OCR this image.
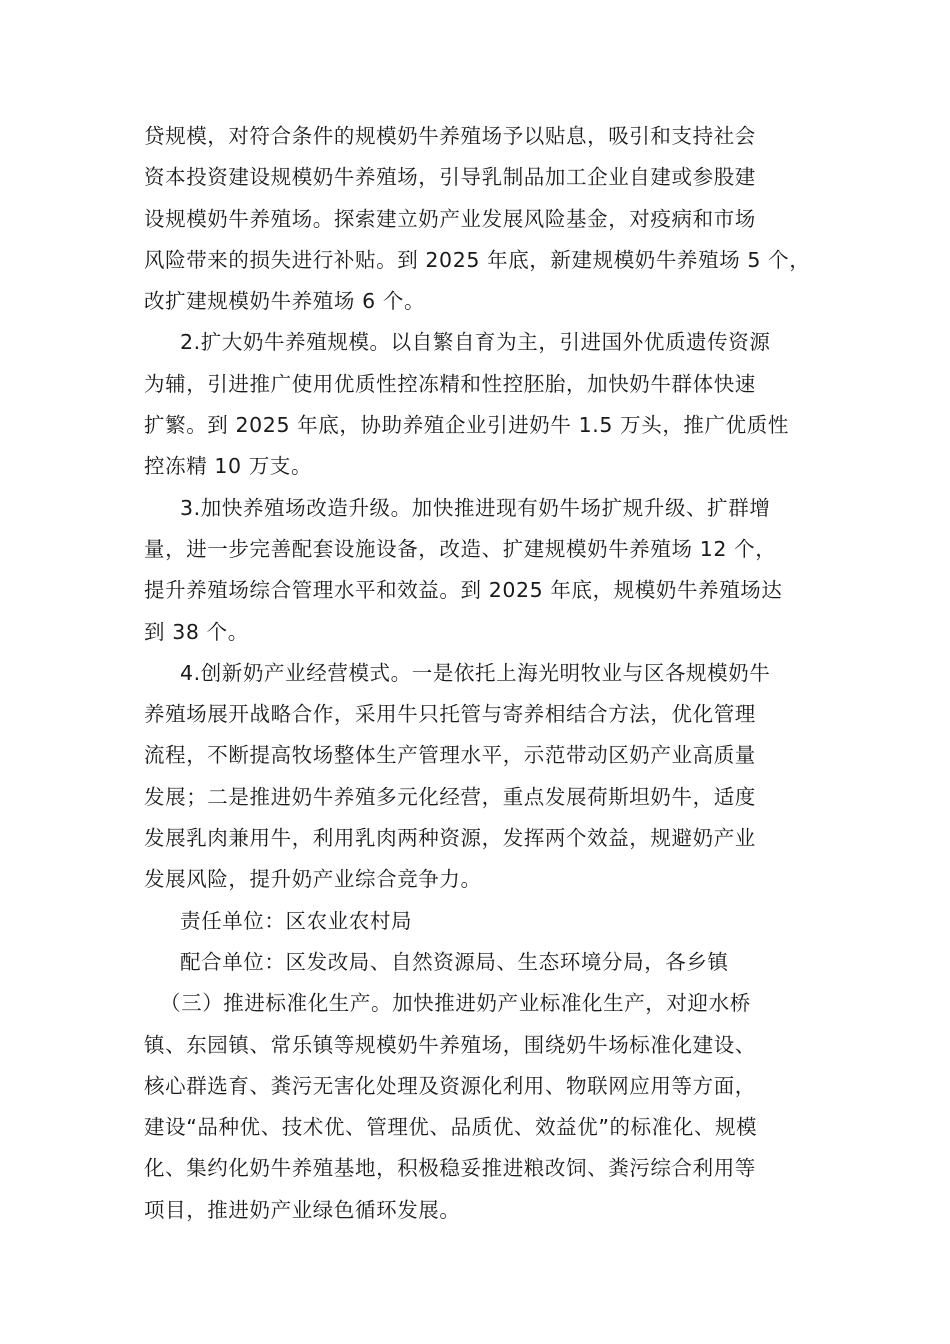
贷规模，对符合条件的规模奶牛养殖场予以贴息，吸引和支持社会
资本投资建设规模奶牛养殖场，引导乳制品加工企业自建或参股建
设规模奶牛养殖场。探索建立奶产业发展风险基金，对疫病和市场
风险带来的损失进行补贴。到 2025 年底，新建规模奶牛养殖场 5 个，
改扩建规模奶牛养殖场 6 个。
2.扩大奶牛养殖规模。以自繁自育为主，引进国外优质遗传资源
为辅，引进推广使用优质性控冻精和性控胚胎，加快奶牛群体快速
扩繁。到 2025 年底，协助养殖企业引进奶牛 1.5 万头，推广优质性
控冻精 10 万支。
3.加快养殖场改造升级。加快推进现有奶牛场扩规升级、扩群增
量，进一步完善配套设施设备，改造、扩建规模奶牛养殖场 12 个，
提升养殖场综合管理水平和效益。到 2025 年底，规模奶牛养殖场达
到 38 个。
4.创新奶产业经营模式。一是依托上海光明牧业与区各规模奶牛
养殖场展开战略合作，采用牛只托管与寄养相结合方法，优化管理
流程，不断提高牧场整体生产管理水平，示范带动区奶产业高质量
发展；二是推进奶牛养殖多元化经营，重点发展荷斯坦奶牛，适度
发展乳肉兼用牛，利用乳肉两种资源，发挥两个效益，规避奶产业
发展风险，提升奶产业综合竞争力。
责任单位：区农业农村局
配合单位：区发改局、自然资源局、生态环境分局，各乡镇
（三）推进标准化生产。加快推进奶产业标准化生产，对迎水桥
镇、东园镇、常乐镇等规模奶牛养殖场，围绕奶牛场标准化建设、
核心群选育、粪污无害化处理及资源化利用、物联网应用等方面，
建设“品种优、技术优、管理优、品质优、效益优”的标准化、规模
化、集约化奶牛养殖基地，积极稳妥推进粮改饲、粪污综合利用等
项目，推进奶产业绿色循环发展。
